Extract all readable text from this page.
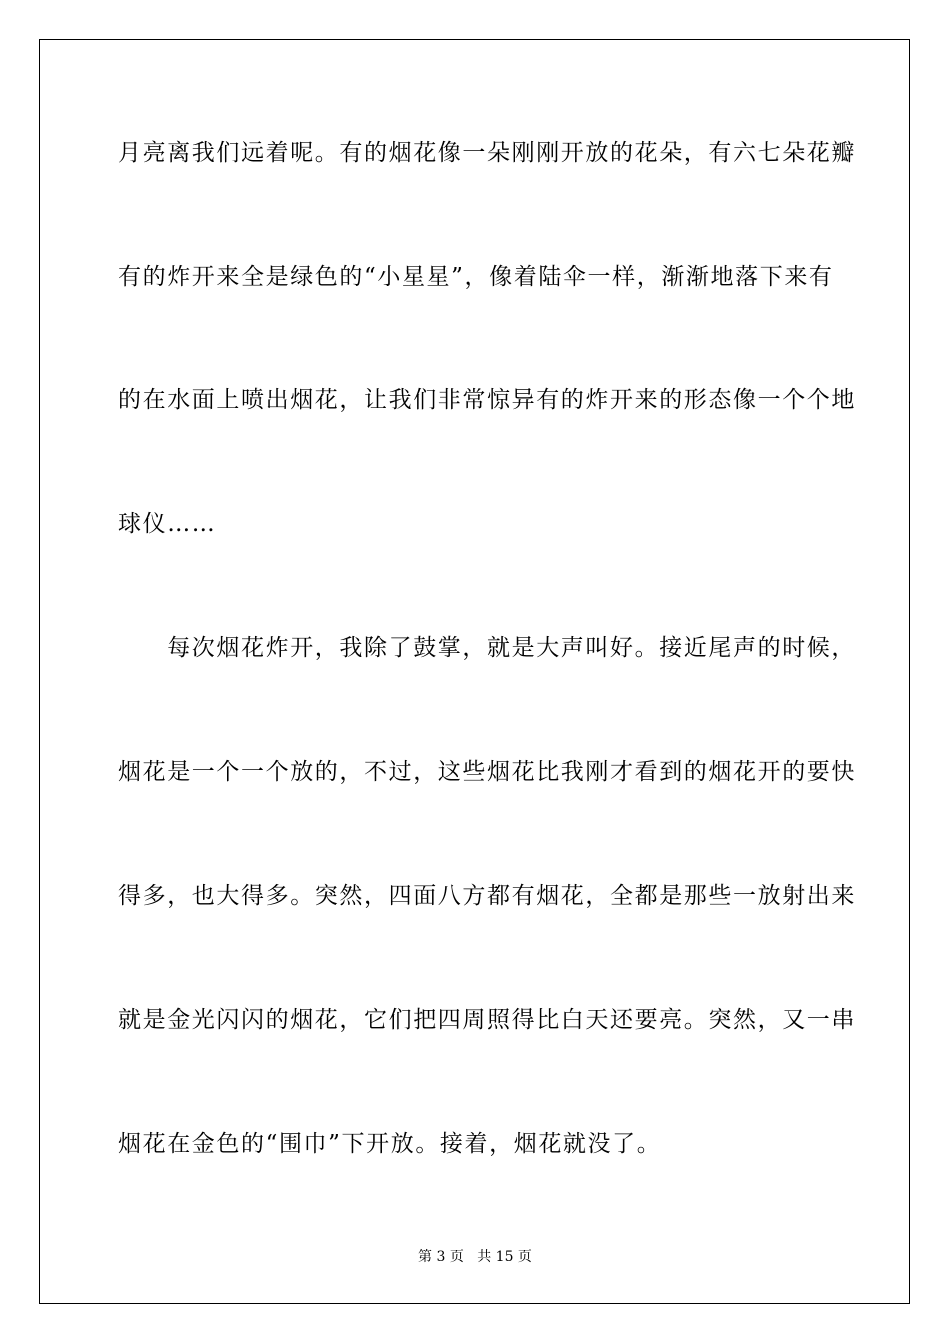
月亮离我们远着呢。有的烟花像一朵刚刚开放的花朵，有六七朵花瓣
有的炸开来全是绿色的“小星星”，像着陆伞一样，渐渐地落下来有
的在水面上喷出烟花，让我们非常惊异有的炸开来的形态像一个个地
球仪……
　　每次烟花炸开，我除了鼓掌，就是大声叫好。接近尾声的时候，
烟花是一个一个放的，不过，这些烟花比我刚才看到的烟花开的要快
得多，也大得多。突然，四面八方都有烟花，全都是那些一放射出来
就是金光闪闪的烟花，它们把四周照得比白天还要亮。突然，又一串
烟花在金色的“围巾”下开放。接着，烟花就没了。
第 3 页 共 15 页
